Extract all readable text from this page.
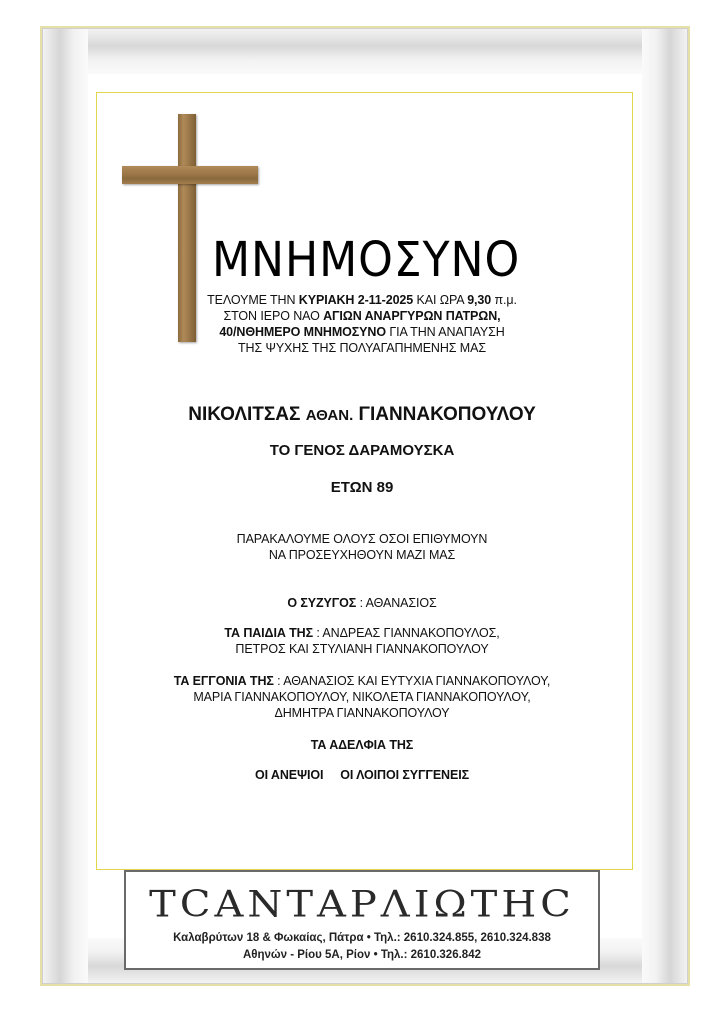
ΜΝΗΜΟΣΥΝΟ
ΤΕΛΟΥΜΕ ΤΗΝ ΚΥΡΙΑΚΗ 2-11-2025 ΚΑΙ ΩΡΑ 9,30 π.μ.
ΣΤΟΝ ΙΕΡΟ ΝΑΟ ΑΓΙΩΝ ΑΝΑΡΓΥΡΩΝ ΠΑΤΡΩΝ,
40/ΝΘΗΜΕΡΟ ΜΝΗΜΟΣΥΝΟ ΓΙΑ ΤΗΝ ΑΝΑΠΑΥΣΗ
ΤΗΣ ΨΥΧΗΣ ΤΗΣ ΠΟΛΥΑΓΑΠΗΜΕΝΗΣ ΜΑΣ
ΝΙΚΟΛΙΤΣΑΣ ΑΘΑΝ. ΓΙΑΝΝΑΚΟΠΟΥΛΟΥ
ΤΟ ΓΕΝΟΣ ΔΑΡΑΜΟΥΣΚΑ
ΕΤΩΝ 89
ΠΑΡΑΚΑΛΟΥΜΕ ΟΛΟΥΣ ΟΣΟΙ ΕΠΙΘΥΜΟΥΝ
ΝΑ ΠΡΟΣΕΥΧΗΘΟΥΝ ΜΑΖΙ ΜΑΣ
Ο ΣΥΖΥΓΟΣ : ΑΘΑΝΑΣΙΟΣ
ΤΑ ΠΑΙΔΙΑ ΤΗΣ : ΑΝΔΡΕΑΣ ΓΙΑΝΝΑΚΟΠΟΥΛΟΣ,
ΠΕΤΡΟΣ ΚΑΙ ΣΤΥΛΙΑΝΗ ΓΙΑΝΝΑΚΟΠΟΥΛΟΥ
ΤΑ ΕΓΓΟΝΙΑ ΤΗΣ : ΑΘΑΝΑΣΙΟΣ ΚΑΙ ΕΥΤΥΧΙΑ ΓΙΑΝΝΑΚΟΠΟΥΛΟΥ,
ΜΑΡΙΑ ΓΙΑΝΝΑΚΟΠΟΥΛΟΥ, ΝΙΚΟΛΕΤΑ ΓΙΑΝΝΑΚΟΠΟΥΛΟΥ,
ΔΗΜΗΤΡΑ ΓΙΑΝΝΑΚΟΠΟΥΛΟΥ
ΤΑ ΑΔΕΛΦΙΑ ΤΗΣ
ΟΙ ΑΝΕΨΙΟΙ ΟΙ ΛΟΙΠΟΙ ΣΥΓΓΕΝΕΙΣ
ΤCΑΝΤΑΡΛΙΩΤΗC
Καλαβρύτων 18 & Φωκαίας, Πάτρα • Τηλ.: 2610.324.855, 2610.324.838
Αθηνών - Ρίου 5Α, Ρίον • Τηλ.: 2610.326.842
